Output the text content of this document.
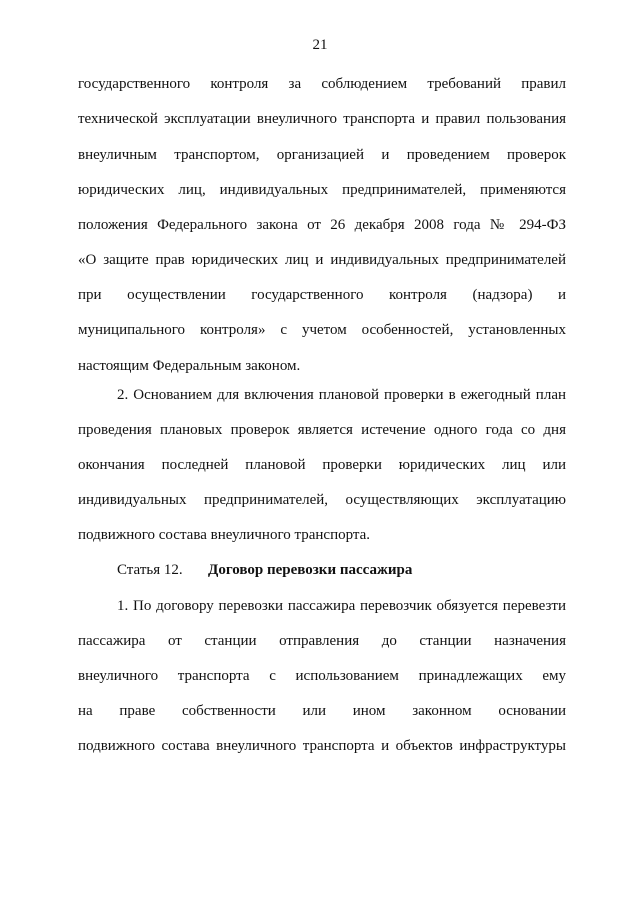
21
государственного контроля за соблюдением требований правил
технической эксплуатации внеуличного транспорта и правил пользования
внеуличным транспортом, организацией и проведением проверок
юридических лиц, индивидуальных предпринимателей, применяются
положения Федерального закона от 26 декабря 2008 года № 294-ФЗ
«О защите прав юридических лиц и индивидуальных предпринимателей
при осуществлении государственного контроля (надзора) и
муниципального контроля» с учетом особенностей, установленных
настоящим Федеральным законом.
2. Основанием для включения плановой проверки в ежегодный план
проведения плановых проверок является истечение одного года со дня
окончания последней плановой проверки юридических лиц или
индивидуальных предпринимателей, осуществляющих эксплуатацию
подвижного состава внеуличного транспорта.
Статья 12. Договор перевозки пассажира
1. По договору перевозки пассажира перевозчик обязуется перевезти
пассажира от станции отправления до станции назначения
внеуличного транспорта с использованием принадлежащих ему
на праве собственности или ином законном основании
подвижного состава внеуличного транспорта и объектов инфраструктуры
